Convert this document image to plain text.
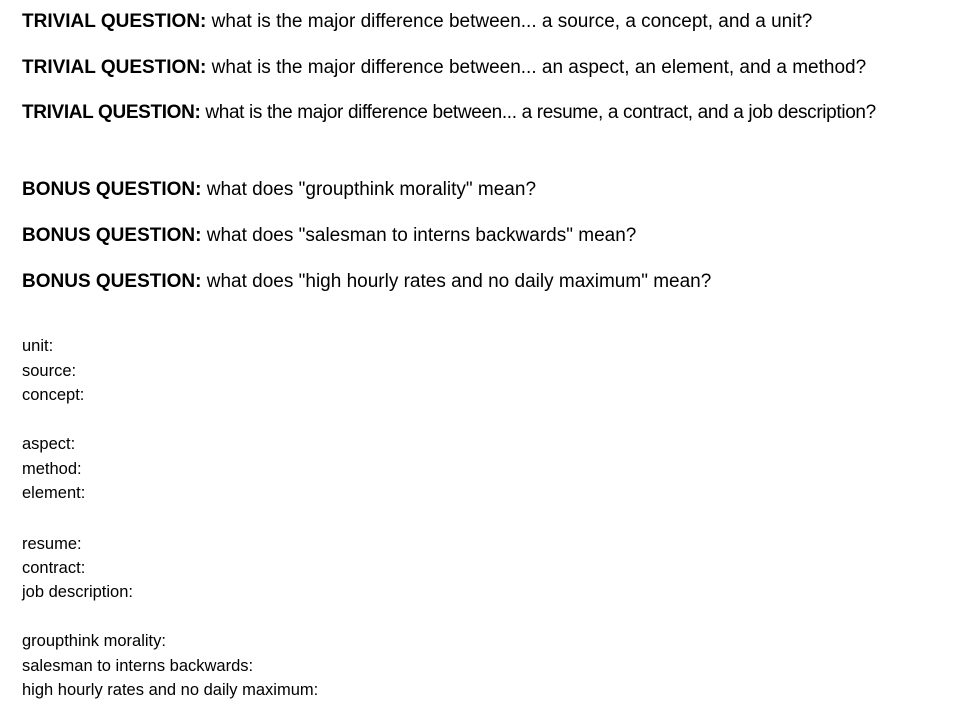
TRIVIAL QUESTION: what is the major difference between... a source, a concept, and a unit?
TRIVIAL QUESTION: what is the major difference between... an aspect, an element, and a method?
TRIVIAL QUESTION: what is the major difference between... a resume, a contract, and a job description?
BONUS QUESTION: what does "groupthink morality" mean?
BONUS QUESTION: what does "salesman to interns backwards" mean?
BONUS QUESTION: what does "high hourly rates and no daily maximum" mean?
unit:
source:
concept:
aspect:
method:
element:
resume:
contract:
job description:
groupthink morality:
salesman to interns backwards:
high hourly rates and no daily maximum:
